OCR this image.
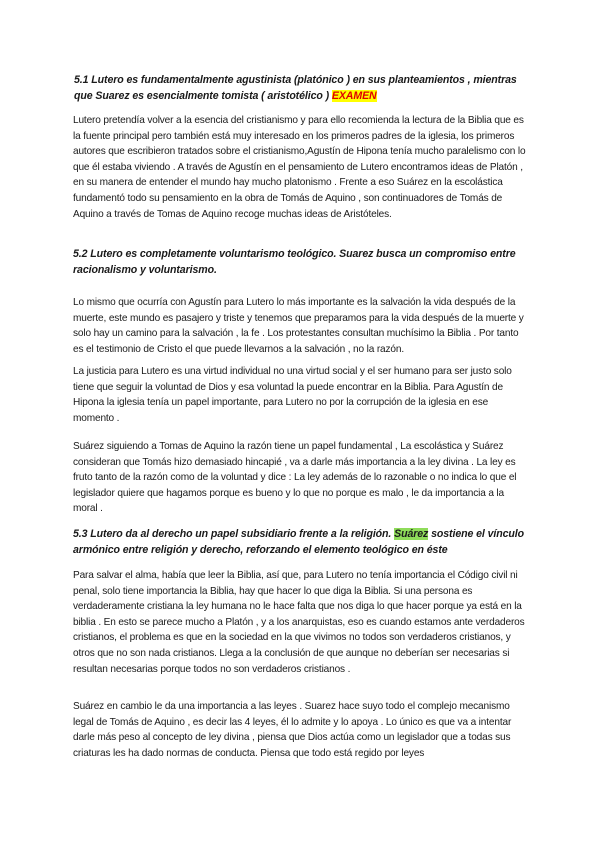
5.1 Lutero es fundamentalmente agustinista (platónico ) en sus planteamientos , mientras que Suarez es esencialmente tomista ( aristotélico ) EXAMEN
Lutero pretendía volver a la esencia del cristianismo y para ello recomienda la lectura de la Biblia que es la fuente principal pero también está muy interesado en los primeros padres de la iglesia, los primeros autores que escribieron tratados sobre el cristianismo,Agustín de Hipona tenía mucho paralelismo con lo que él estaba viviendo . A través de Agustín en el pensamiento de Lutero encontramos ideas de Platón , en su manera de entender el mundo hay mucho platonismo . Frente a eso Suárez en la escolástica fundamentó todo su pensamiento en la obra de Tomás de Aquino , son continuadores de Tomás de Aquino a través de Tomas de Aquino recoge muchas ideas de Aristóteles.
5.2 Lutero es completamente voluntarismo teológico. Suarez busca un compromiso entre racionalismo y voluntarismo.
Lo mismo que ocurría con Agustín para Lutero lo más importante es la salvación la vida después de la muerte, este mundo es pasajero y triste y tenemos que preparamos para la vida después de la muerte y solo hay un camino para la salvación , la fe . Los protestantes consultan muchísimo la Biblia . Por tanto es el testimonio de Cristo el que puede llevarnos a la salvación , no la razón.
La justicia para Lutero es una virtud individual no una virtud social y el ser humano para ser justo solo tiene que seguir la voluntad de Dios y esa voluntad la puede encontrar en la Biblia. Para Agustín de Hipona la iglesia tenía un papel importante, para Lutero no por la corrupción de la iglesia en ese momento .
Suárez siguiendo a Tomas de Aquino la razón tiene un papel fundamental , La escolástica y Suárez consideran que Tomás hizo demasiado hincapié , va a darle más importancia a la ley divina . La ley es fruto tanto de la razón como de la voluntad y dice : La ley además de lo razonable o no indica lo que el legislador quiere que hagamos porque es bueno y lo que no porque es malo , le da importancia a la moral .
5.3 Lutero da al derecho un papel subsidiario frente a la religión. Suárez sostiene el vínculo armónico entre religión y derecho, reforzando el elemento teológico en éste
Para salvar el alma, había que leer la Biblia, así que, para Lutero no tenía importancia el Código civil ni penal, solo tiene importancia la Biblia, hay que hacer lo que diga la Biblia. Si una persona es verdaderamente cristiana la ley humana no le hace falta que nos diga lo que hacer porque ya está en la biblia . En esto se parece mucho a Platón , y a los anarquistas, eso es cuando estamos ante verdaderos cristianos, el problema es que en la sociedad en la que vivimos no todos son verdaderos cristianos, y otros que no son nada cristianos. Llega a la conclusión de que aunque no deberían ser necesarias si resultan necesarias porque todos no son verdaderos cristianos .
Suárez en cambio le da una importancia a las leyes . Suarez hace suyo todo el complejo mecanismo legal de Tomás de Aquino , es decir las 4 leyes, él lo admite y lo apoya . Lo único es que va a intentar darle más peso al concepto de ley divina , piensa que Dios actúa como un legislador que a todas sus criaturas les ha dado normas de conducta. Piensa que todo está regido por leyes
